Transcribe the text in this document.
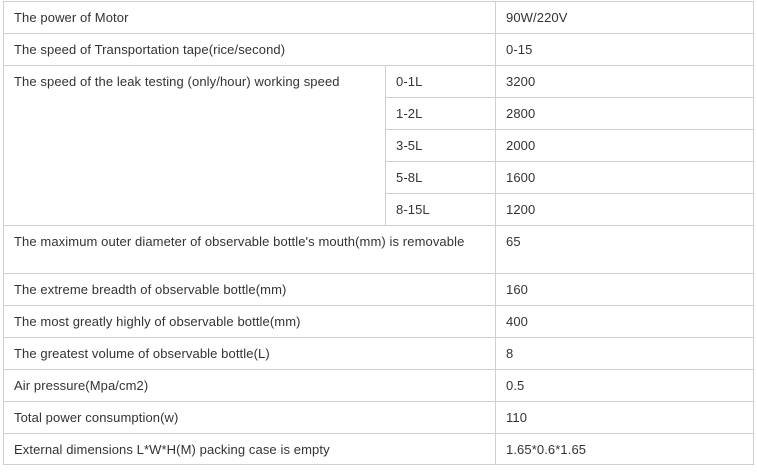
The power of Motor		90W/220V
The speed of Transportation tape(rice/second)		0-15
The speed of the leak testing (only/hour) working speed	0-1L	3200
	1-2L	2800
	3-5L	2000
	5-8L	1600
	8-15L	1200
The maximum outer diameter of observable bottle's mouth(mm) is removable		65
The extreme breadth of observable bottle(mm)		160
The most greatly highly of observable bottle(mm)		400
The greatest volume of observable bottle(L)		8
Air pressure(Mpa/cm2)		0.5
Total power consumption(w)		110
External dimensions L*W*H(M) packing case is empty		1.65*0.6*1.65
